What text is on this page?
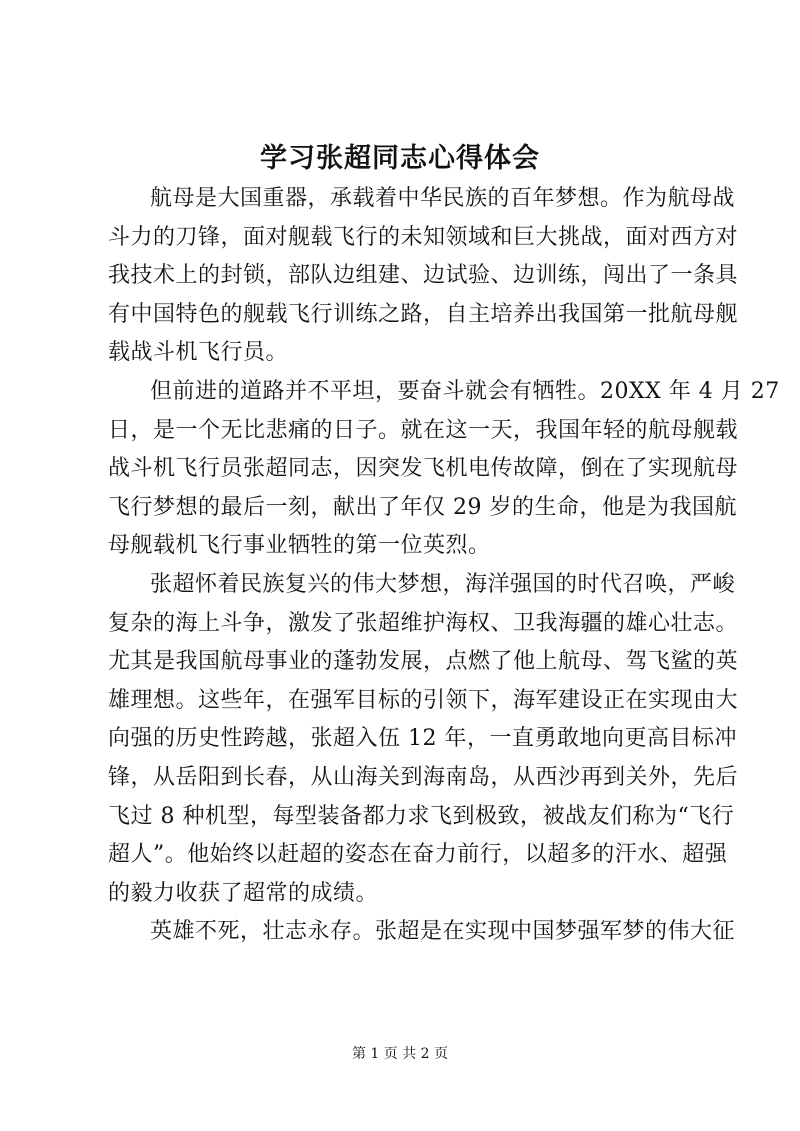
学习张超同志心得体会
航母是大国重器，承载着中华民族的百年梦想。作为航母战
斗力的刀锋，面对舰载飞行的未知领域和巨大挑战，面对西方对
我技术上的封锁，部队边组建、边试验、边训练，闯出了一条具
有中国特色的舰载飞行训练之路，自主培养出我国第一批航母舰
载战斗机飞行员。
但前进的道路并不平坦，要奋斗就会有牺牲。20XX 年 4 月 27
日，是一个无比悲痛的日子。就在这一天，我国年轻的航母舰载
战斗机飞行员张超同志，因突发飞机电传故障，倒在了实现航母
飞行梦想的最后一刻，献出了年仅 29 岁的生命，他是为我国航
母舰载机飞行事业牺牲的第一位英烈。
张超怀着民族复兴的伟大梦想，海洋强国的时代召唤，严峻
复杂的海上斗争，激发了张超维护海权、卫我海疆的雄心壮志。
尤其是我国航母事业的蓬勃发展，点燃了他上航母、驾飞鲨的英
雄理想。这些年，在强军目标的引领下，海军建设正在实现由大
向强的历史性跨越，张超入伍 12 年，一直勇敢地向更高目标冲
锋，从岳阳到长春，从山海关到海南岛，从西沙再到关外，先后
飞过 8 种机型，每型装备都力求飞到极致，被战友们称为“飞行
超人”。他始终以赶超的姿态在奋力前行，以超多的汗水、超强
的毅力收获了超常的成绩。
英雄不死，壮志永存。张超是在实现中国梦强军梦的伟大征
第 1 页 共 2 页
